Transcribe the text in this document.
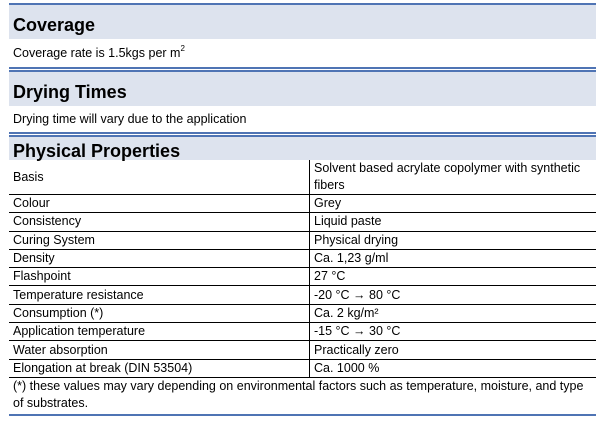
Coverage
Coverage rate is 1.5kgs per $m^2$
Drying Times
Drying time will vary due to the application
Physical Properties
Basis	Solvent based acrylate copolymer with synthetic fibers
Colour	Grey
Consistency	Liquid paste
Curing System	Physical drying
Density	Ca. 1,23 g/ml
Flashpoint	27 °C
Temperature resistance	-20 °C → 80 °C
Consumption (*)	Ca. 2 kg/m²
Application temperature	-15 °C → 30 °C
Water absorption	Practically zero
Elongation at break (DIN 53504)	Ca. 1000 %
(*) these values may vary depending on environmental factors such as temperature, moisture, and type of substrates.
